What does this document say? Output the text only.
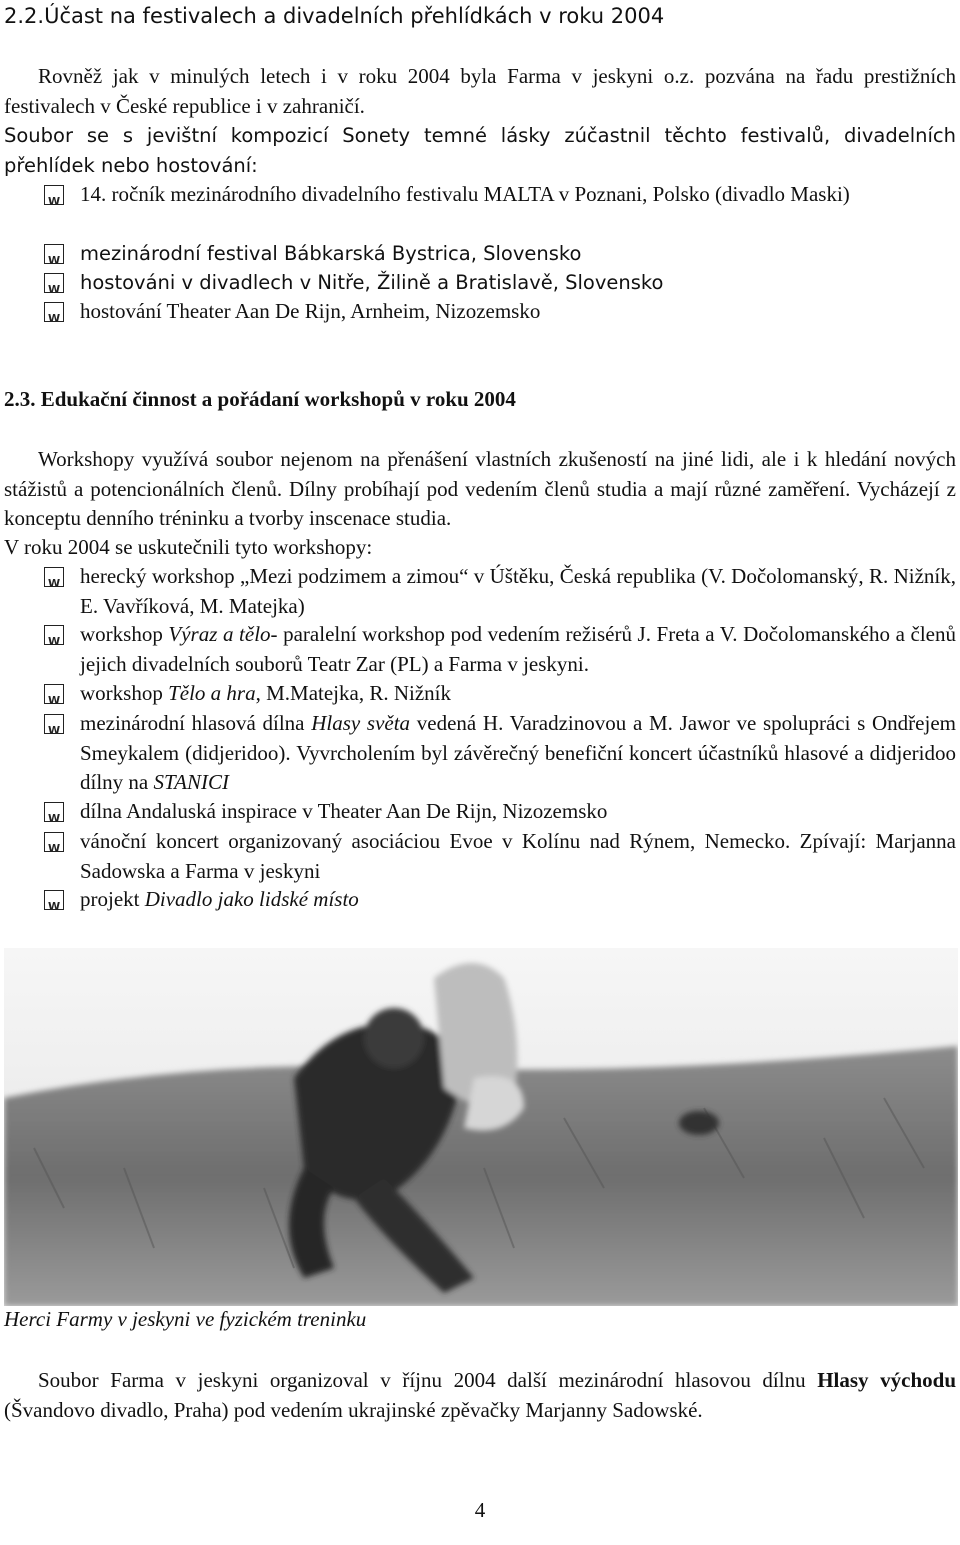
2.2.Účast na festivalech a divadelních přehlídkách v roku 2004
Rovněž jak v minulých letech i v roku 2004 byla Farma v jeskyni o.z. pozvána na řadu prestižních festivalech v České republice i v zahraničí.
Soubor se s jevištní kompozicí Sonety temné lásky zúčastnil těchto festivalů, divadelních přehlídek nebo hostování:
W
14. ročník mezinárodního divadelního festivalu MALTA v Poznani, Polsko (divadlo Maski)
W
mezinárodní festival Bábkarská Bystrica, Slovensko
W
hostováni v divadlech v Nitře, Žilině a Bratislavě, Slovensko
W
hostování Theater Aan De Rijn, Arnheim, Nizozemsko
2.3. Edukační činnost a pořádaní workshopů v roku 2004
Workshopy využívá soubor nejenom na přenášení vlastních zkušeností na jiné lidi, ale i k hledání nových stážistů a potencionálních členů. Dílny probíhají pod vedením členů studia a mají různé zaměření. Vycházejí z konceptu denního tréninku a tvorby inscenace studia.
V roku 2004 se uskutečnili tyto workshopy:
W
herecký workshop „Mezi podzimem a zimou“ v Úštěku, Česká republika (V. Dočolomanský, R. Nižník, E. Vavříková, M. Matejka)
W
workshop Výraz a tělo- paralelní workshop pod vedením režisérů J. Freta a V. Dočolomanského a členů jejich divadelních souborů Teatr Zar (PL) a Farma v jeskyni.
W
workshop Tělo a hra, M.Matejka, R. Nižník
W
mezinárodní hlasová dílna Hlasy světa vedená H. Varadzinovou a M. Jawor ve spolupráci s Ondřejem Smeykalem (didjeridoo). Vyvrcholením byl závěrečný benefiční koncert účastníků hlasové a didjeridoo dílny na STANICI
W
dílna Andaluská inspirace v Theater Aan De Rijn, Nizozemsko
W
vánoční koncert organizovaný asociáciou Evoe v Kolínu nad Rýnem, Nemecko. Zpívají: Marjanna Sadowska a Farma v jeskyni
W
projekt Divadlo jako lidské místo
Herci Farmy v jeskyni ve fyzickém treninku
Soubor Farma v jeskyni organizoval v říjnu 2004 další mezinárodní hlasovou dílnu Hlasy východu (Švandovo divadlo, Praha) pod vedením ukrajinské zpěvačky Marjanny Sadowské.
4
